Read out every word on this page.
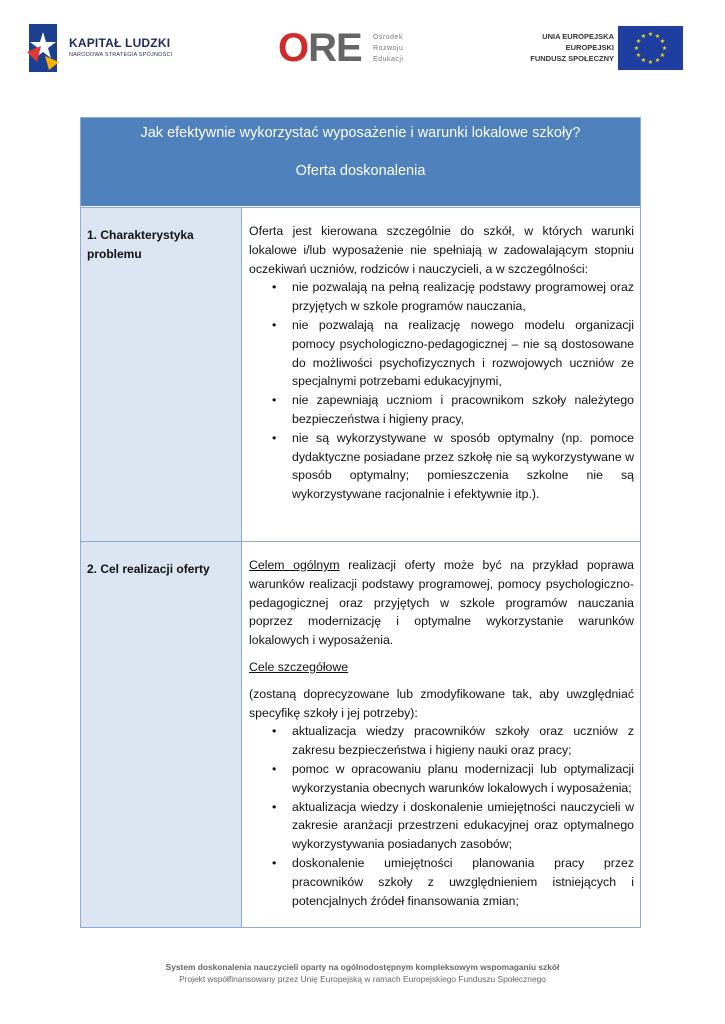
KAPITAŁ LUDZKI
NARODOWA STRATEGIA SPÓJNOŚCI	ORE Ośrodek
Rozwoju
Edukacji
UNIA EUROPEJSKA
EUROPEJSKI
FUNDUSZ SPOŁECZNY
★ ★
★
★
★
★
★
★
★
★
★
★
Jak efektywnie wykorzystać wyposażenie i warunki lokalowe szkoły?
Oferta doskonalenia
1. Charakterystyka problemu

Oferta jest kierowana szczególnie do szkół, w których warunki lokalowe i/lub wyposażenie nie spełniają w zadowalającym stopniu oczekiwań uczniów, rodziców i nauczycieli, a w szczególności:

• nie pozwalają na pełną realizację podstawy programowej oraz przyjętych w szkole programów nauczania,
• nie pozwalają na realizację nowego modelu organizacji pomocy psychologiczno-pedagogicznej – nie są dostosowane do możliwości psychofizycznych i rozwojowych uczniów ze specjalnymi potrzebami edukacyjnymi,
• nie zapewniają uczniom i pracownikom szkoły należytego bezpieczeństwa i higieny pracy,
• nie są wykorzystywane w sposób optymalny (np. pomoce dydaktyczne posiadane przez szkołę nie są wykorzystywane w sposób optymalny; pomieszczenia szkolne nie są wykorzystywane racjonalnie i efektywnie itp.).
2. Cel realizacji oferty	Celem ogólnym realizacji oferty może być na przykład poprawa warunków realizacji podstawy programowej, pomocy psychologiczno-pedagogicznej oraz przyjętych w szkole programów nauczania poprzez modernizację i optymalne wykorzystanie warunków lokalowych i wyposażenia.

Cele szczegółowe

(zostaną doprecyzowane lub zmodyfikowane tak, aby uwzględniać specyfikę szkoły i jej potrzeby):

• aktualizacja wiedzy pracowników szkoły oraz uczniów z zakresu bezpieczeństwa i higieny nauki oraz pracy;
• pomoc w opracowaniu planu modernizacji lub optymalizacji wykorzystania obecnych warunków lokalowych i wyposażenia;
• aktualizacja wiedzy i doskonalenie umiejętności nauczycieli w zakresie aranżacji przestrzeni edukacyjnej oraz optymalnego wykorzystywania posiadanych zasobów;
• doskonalenie umiejętności planowania pracy przez pracowników szkoły z uwzględnieniem istniejących i potencjalnych źródeł finansowania zmian;
System doskonalenia nauczycieli oparty na ogólnodostępnym kompleksowym wspomaganiu szkół
Projekt współfinansowany przez Unię Europejską w ramach Europejskiego Funduszu Społecznego
